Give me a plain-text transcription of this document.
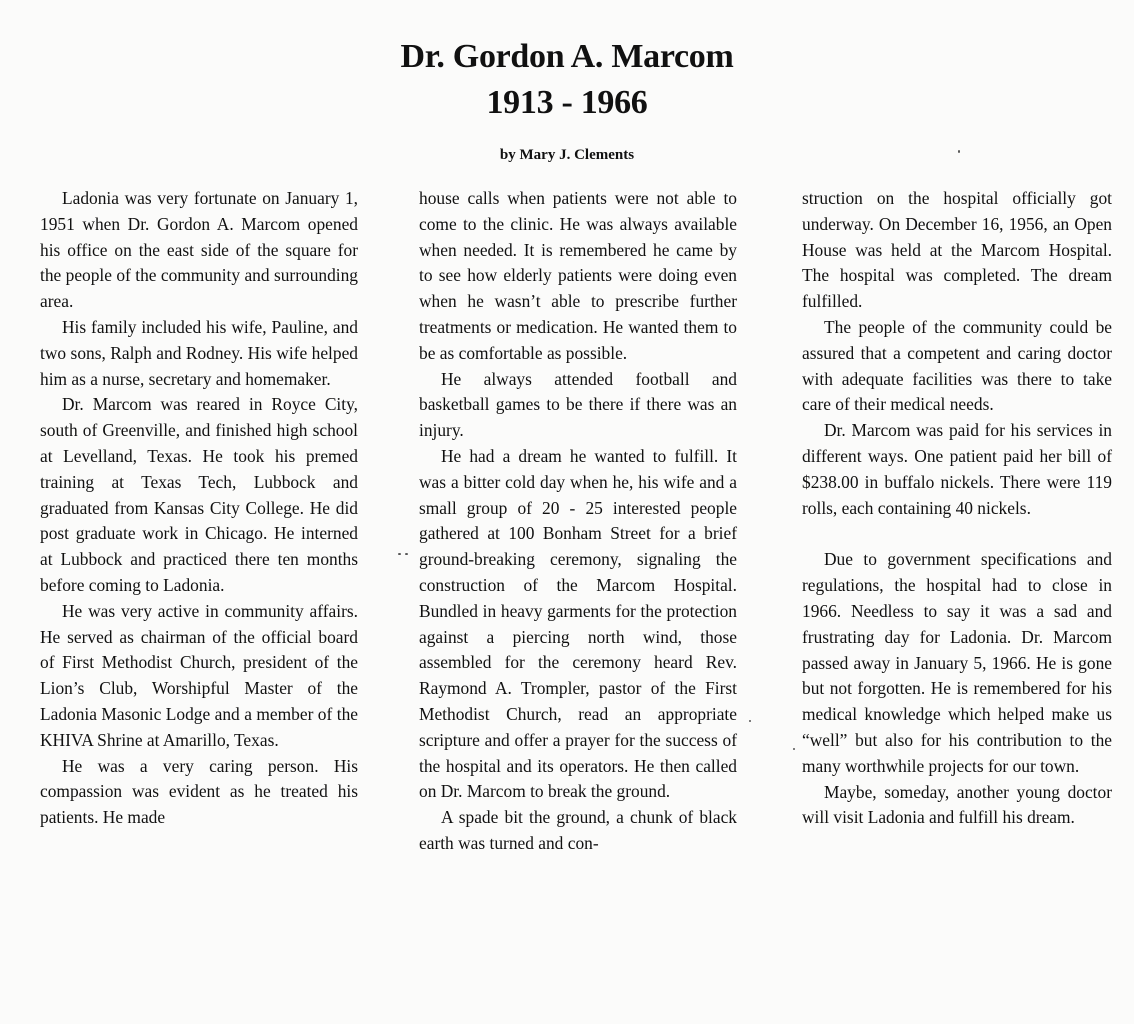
Dr. Gordon A. Marcom
1913 - 1966
by Mary J. Clements

Ladonia was very fortunate on January 1, 1951 when Dr. Gordon A. Marcom opened his office on the east side of the square for the people of the community and surrounding area.

His family included his wife, Pauline, and two sons, Ralph and Rodney. His wife helped him as a nurse, secretary and homemaker.

Dr. Marcom was reared in Royce City, south of Greenville, and finished high school at Levelland, Texas. He took his premed training at Texas Tech, Lubbock and graduated from Kansas City College. He did post graduate work in Chicago. He interned at Lubbock and practiced there ten months before coming to Ladonia.

He was very active in community affairs. He served as chairman of the official board of First Methodist Church, president of the Lion’s Club, Worshipful Master of the Ladonia Masonic Lodge and a member of the KHIVA Shrine at Amarillo, Texas.

He was a very caring person. His compassion was evident as he treated his patients. He made

house calls when patients were not able to come to the clinic. He was always available when needed. It is remembered he came by to see how elderly patients were doing even when he wasn’t able to prescribe further treatments or medication. He wanted them to be as comfortable as possible.

He always attended football and basketball games to be there if there was an injury.

He had a dream he wanted to fulfill. It was a bitter cold day when he, his wife and a small group of 20 - 25 interested people gathered at 100 Bonham Street for a brief ground-breaking ceremony, signaling the construction of the Marcom Hospital. Bundled in heavy garments for the protection against a piercing north wind, those assembled for the ceremony heard Rev. Raymond A. Trompler, pastor of the First Methodist Church, read an appropriate scripture and offer a prayer for the success of the hospital and its operators. He then called on Dr. Marcom to break the ground.

A spade bit the ground, a chunk of black earth was turned and con-

struction on the hospital officially got underway. On December 16, 1956, an Open House was held at the Marcom Hospital. The hospital was completed. The dream fulfilled.

The people of the community could be assured that a competent and caring doctor with adequate facilities was there to take care of their medical needs.

Dr. Marcom was paid for his services in different ways. One patient paid her bill of $238.00 in buffalo nickels. There were 119 rolls, each containing 40 nickels.

Due to government specifications and regulations, the hospital had to close in 1966. Needless to say it was a sad and frustrating day for Ladonia. Dr. Marcom passed away in January 5, 1966. He is gone but not forgotten. He is remembered for his medical knowledge which helped make us “well” but also for his contribution to the many worthwhile projects for our town.

Maybe, someday, another young doctor will visit Ladonia and fulfill his dream.
